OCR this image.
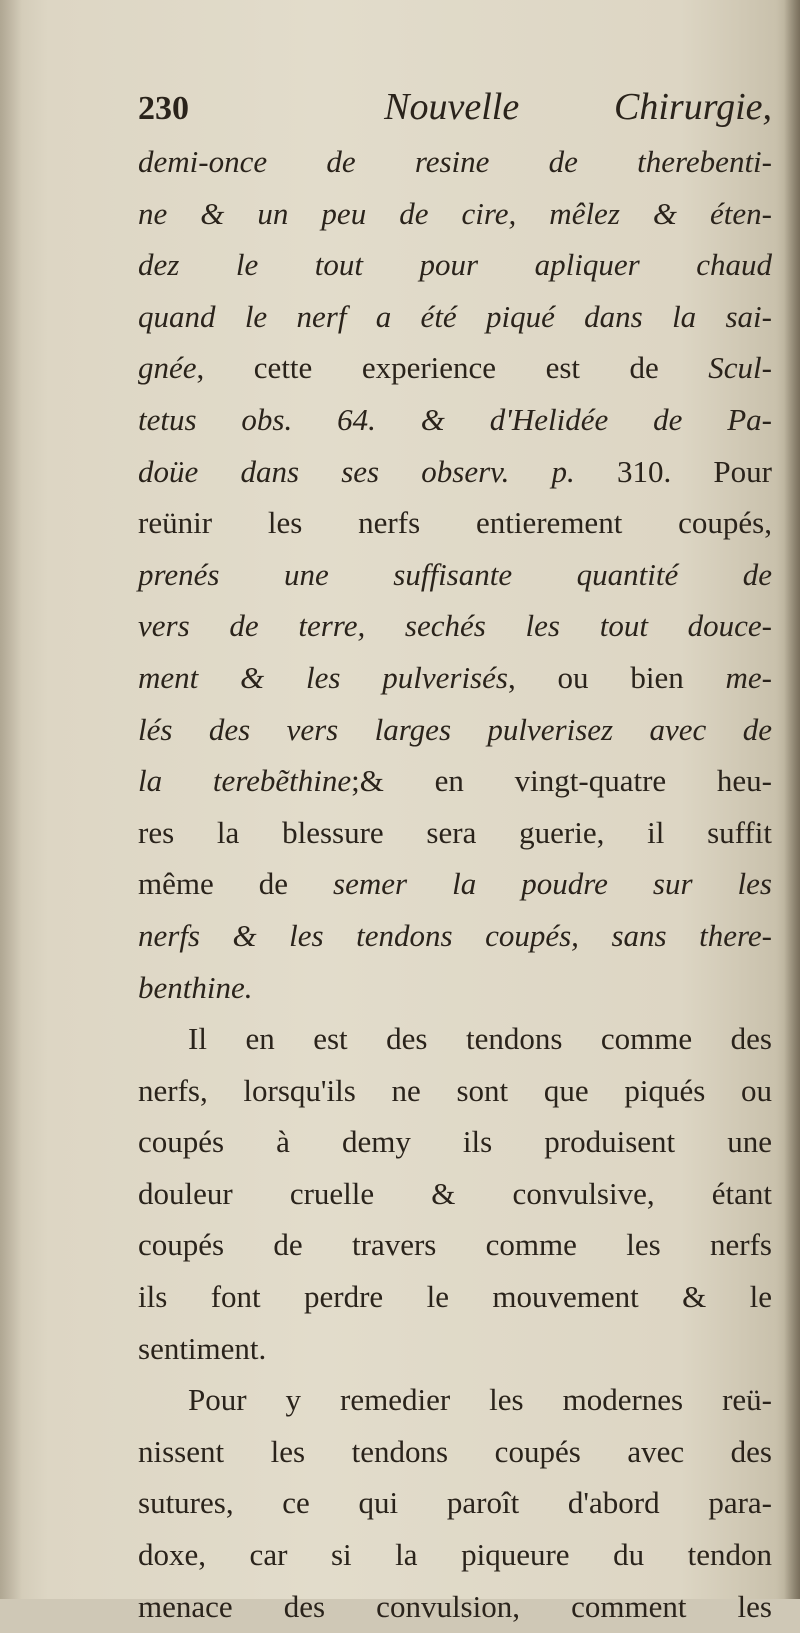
230	Nouvelle Chirurgie,
demi-once de resine de therebenti-
ne & un peu de cire, mêlez & éten-
dez le tout pour apliquer chaud
quand le nerf a été piqué dans la sai-
gnée, cette experience est de Scul-
tetus obs. 64. & d'Helidée de Pa-
doüe dans ses observ. p. 310. Pour
reünir les nerfs entierement coupés,
prenés une suffisante quantité de
vers de terre, sechés les tout douce-
ment & les pulverisés, ou bien me-
lés des vers larges pulverisez avec de
la terebẽthine;& en vingt-quatre heu-
res la blessure sera guerie, il suffit
même de semer la poudre sur les
nerfs & les tendons coupés, sans there-
benthine.
Il en est des tendons comme des
nerfs, lorsqu'ils ne sont que piqués ou
coupés à demy ils produisent une
douleur cruelle & convulsive, étant
coupés de travers comme les nerfs
ils font perdre le mouvement & le
sentiment.
Pour y remedier les modernes reü-
nissent les tendons coupés avec des
sutures, ce qui paroît d'abord para-
doxe, car si la piqueure du tendon
menace des convulsion, comment les
